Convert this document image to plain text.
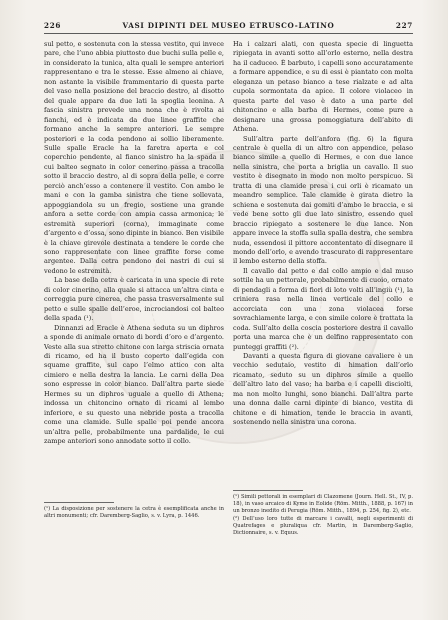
226	VASI DIPINTI DEL MUSEO ETRUSCO-LATINO	227

sul petto, e sostenuta con la stessa vestito, qui invece pare, che l’uno abbia piuttosto due buchi sulla pelle e, in considerato la tunica, alta quali le sempre anteriori rappresentano e tra le stesse. Esse almeno ai chiave, non astante la visibile frammentario di questa parte del vaso nella posizione del braccio destro, al disotto del quale appare da due lati la spoglia leonina. A fascia sinistra prevede una nona che è rivolta ai fianchi, ed è indicata da due linee graffite che formano anche la sempre anteriori. Le sempre posteriori e la coda pendono ai sollio liberamente. Sulle spalle Eracle ha la faretra aperta e col coperchio pendente, al fianco sinistro ha la spada il cui balteo segnato in color cenerino passa a tracolla sotto il braccio destro, al di sopra della pelle, e corre perciò anch’esso a contenere il vestito. Con ambo le mani e con la gamba sinistra che tiene sollevata, appoggiandola su un fregio, sostiene una grande anfora a sette corde con ampia cassa armonica; le estremità superiori (corna), immaginate come d’argento e d’ossa, sono dipinte in bianco. Ben visibile è la chiave girevole destinata a tendere le corde che sono rappresentate con linee graffite forse come argentee. Dalla cetra pendono dei nastri di cui si vedono le estremità.

La base della cetra è caricata in una specie di rete di color cinerino, alla quale si attacca un’altra cinta e correggia pure cinerea, che passa trasversalmente sul petto e sulle spalle dell’eroe, incrociandosi col balteo della spada (¹).

Dinnanzi ad Eracle è Athena seduta su un diphros a sponde di animale ornato di bordi d’oro e d’argento. Veste alla sua stretto chitone con larga striscia ornata di ricamo, ed ha il busto coperto dall’egida con squame graffite, sul capo l’elmo attico con alta cimiero e nella destra la lancia. Le carni della Dea sono espresse in color bianco. Dall’altra parte siede Hermes su un diphros uguale a quello di Athena; indossa un chitoncino ornato di ricami al lembo inferiore, e su questo una nebride posta a tracolla come una clamide. Sulle spalle poi pende ancora un’altra pelle, probabilmente una pardalide, le cui zampe anteriori sono annodate sotto il collo.

Ha i calzari alati, con questa specie di linguetta ripiegata in avanti sotto all’orlo esterno, nella destra ha il caduceo. È barbuto, i capelli sono accuratamente a formare appendice, e su di essi è piantato con molta eleganza un petaso bianco a tese rialzate e ad alta cupola sormontata da apice. Il colore violaceo in questa parte del vaso è dato a una parte del chitoncino e alla barba di Hermes, come pure a designare una grossa pomoggiatura dell’abito di Athena.

Sull’altra parte dell’anfora (fig. 6) la figura centrale è quella di un altro con appendice, pelaso bianco simile a quello di Hermes, e con due lance nella sinistra, che porta a briglia un cavallo. Il suo vestito è disegnato in modo non molto perspicuo. Si tratta di una clamide presa i cui orli è ricamato un meandro semplice. Tale clamide è girata dietro la schiena e sostenuta dai gomiti d’ambo le braccia, e si vede bene sotto gli due lato sinistro, essendo quel braccio ripiegato a sostenere le due lance. Non appare invece la stoffa sulla spalla destra, che sembra nuda, essendosi il pittore accontentato di disegnare il mondo dell’orlo, e avendo trascurato di rappresentare il lembo esterno della stoffa.

Il cavallo dal petto e dal collo ampio e dal muso sottile ha un pettorale, probabilmente di cuoio, ornato di pendagli a forma di fiori di loto volti all’ingiù (¹), la criniera rasa nella linea verticale del collo e accorciata con una zona violacea forse sovrachiamente larga, e con simile colore è trattata la coda. Sull’alto della coscia posteriore destra il cavallo porta una marca che è un delfino rappresentato con punteggi graffiti (²).

Davanti a questa figura di giovane cavaliere è un vecchio sedutaio, vestito di himation dall’orlo ricamato, seduto su un diphros simile a quello dell’altro lato del vaso; ha barba e i capelli disciolti, ma non molto lunghi, sono bianchi. Dall’altra parte una donna dalle carni dipinte di bianco, vestita di chitone e di himation, tende le braccia in avanti, sostenendo nella sinistra una corona.

(¹) La disposizione per sostenere la cetra è esemplificata anche in altri monumenti; cfr. Daremberg-Saglio, s. v. Lyra, p. 1446.
(¹) Simili pettorali in esemplari di Clazomene (Journ. Hell. St., IV, p. 18), in vaso arcaico di Kyme in Eolide (Röm. Mitth., 1888, p. 167) in un bronzo inedito di Perugia (Röm. Mitth., 1894, p. 254, fig. 2), etc.
(²) Dell’uso loro tutte di marcare i cavalli, negli esperimenti di Quatrefages e pluraliqua cfr. Martin, in Daremberg-Saglio, Dictionnaire, s. v. Equus.
